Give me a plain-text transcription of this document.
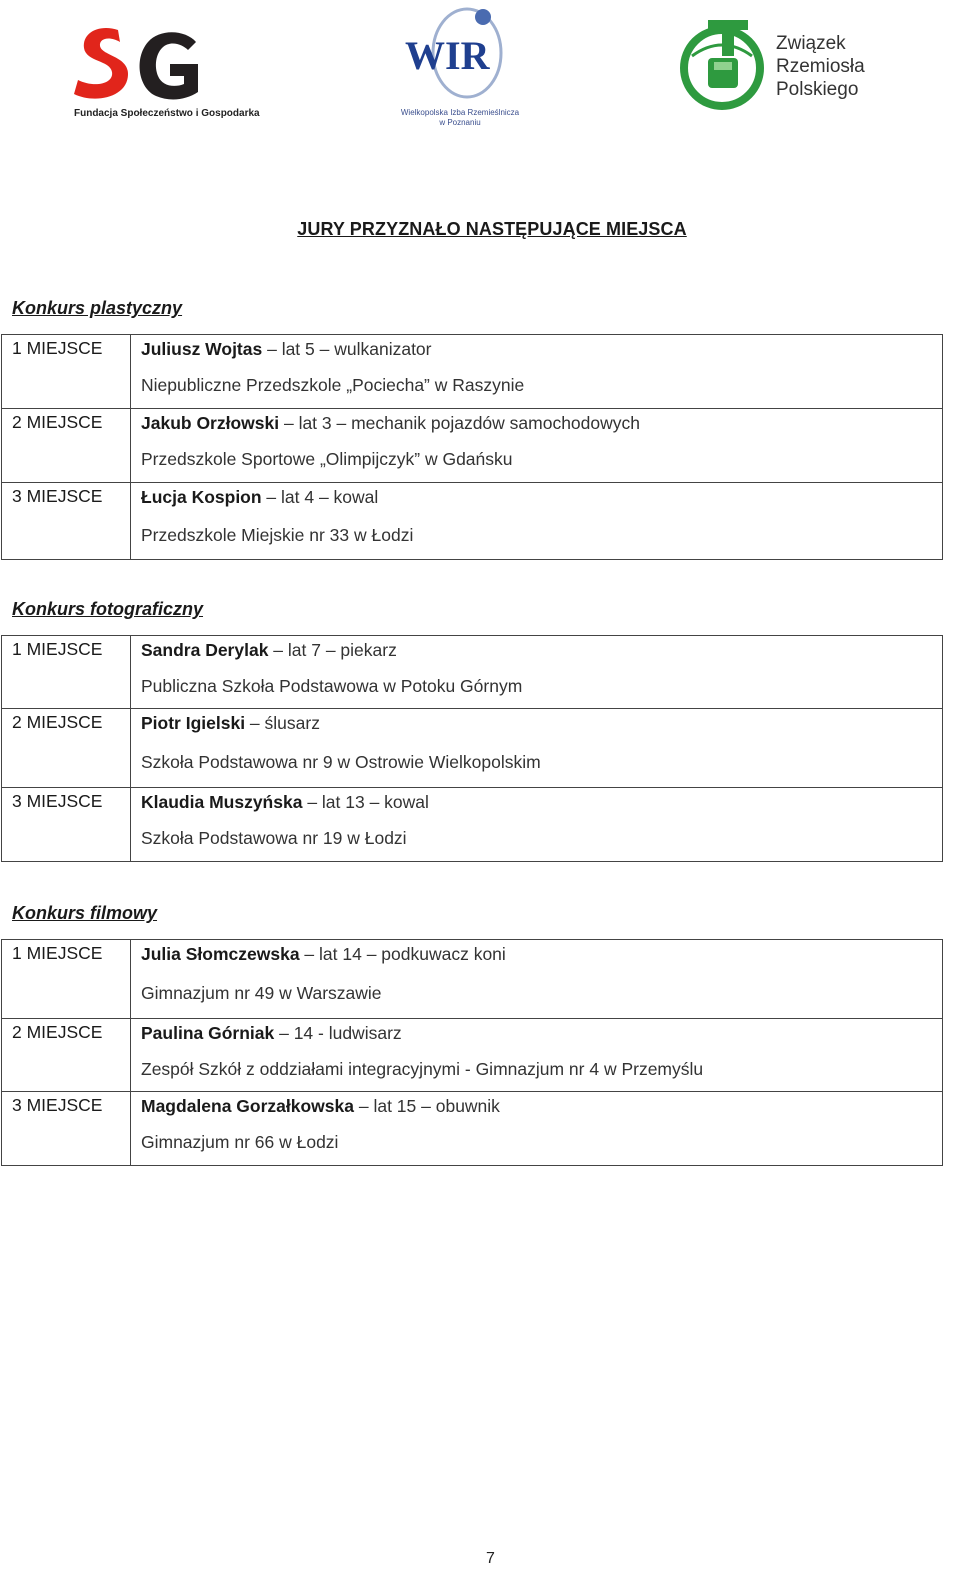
Fundacja Społeczeństwo i Gospodarka
WIR
Wielkopolska Izba Rzemieślnicza
w Poznaniu
Związek
Rzemiosła
Polskiego
JURY PRZYZNAŁO NASTĘPUJĄCE MIEJSCA
Konkurs plastyczny
1 MIEJSCE	Juliusz Wojtas – lat 5 – wulkanizator
Niepubliczne Przedszkole „Pociecha” w Raszynie

2 MIEJSCE	Jakub Orzłowski – lat 3 – mechanik pojazdów samochodowych
Przedszkole Sportowe „Olimpijczyk” w Gdańsku

3 MIEJSCE	Łucja Kospion – lat 4 – kowal
Przedszkole Miejskie nr 33 w Łodzi
Konkurs fotograficzny
1 MIEJSCE	Sandra Derylak – lat 7 – piekarz
Publiczna Szkoła Podstawowa w Potoku Górnym

2 MIEJSCE	Piotr Igielski – ślusarz
Szkoła Podstawowa nr 9 w Ostrowie Wielkopolskim

3 MIEJSCE	Klaudia Muszyńska – lat 13 – kowal
Szkoła Podstawowa nr 19 w Łodzi
Konkurs filmowy
1 MIEJSCE	Julia Słomczewska – lat 14 – podkuwacz koni
Gimnazjum nr 49 w Warszawie

2 MIEJSCE	Paulina Górniak – 14 - ludwisarz
Zespół Szkół z oddziałami integracyjnymi - Gimnazjum nr 4 w Przemyślu

3 MIEJSCE	Magdalena Gorzałkowska – lat 15 – obuwnik
Gimnazjum nr 66 w Łodzi
7
